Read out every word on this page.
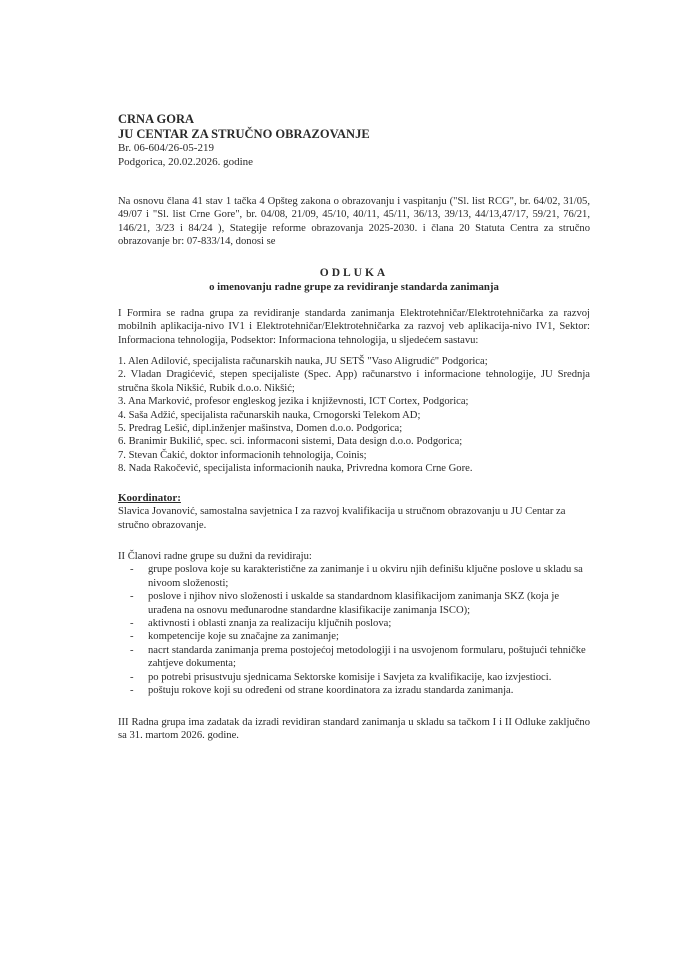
CRNA GORA
JU CENTAR ZA STRUČNO OBRAZOVANJE
Br. 06-604/26-05-219
Podgorica, 20.02.2026. godine
Na osnovu člana 41 stav 1 tačka 4 Opšteg zakona o obrazovanju i vaspitanju ("Sl. list RCG", br. 64/02, 31/05, 49/07 i "Sl. list Crne Gore", br. 04/08, 21/09, 45/10, 40/11, 45/11, 36/13, 39/13, 44/13,47/17, 59/21, 76/21, 146/21, 3/23 i 84/24 ), Stategije reforme obrazovanja 2025-2030. i člana 20 Statuta Centra za stručno obrazovanje br: 07-833/14, donosi se
ODLUKA
o imenovanju radne grupe za revidiranje standarda zanimanja
I Formira se radna grupa za revidiranje standarda zanimanja Elektrotehničar/Elektrotehničarka za razvoj mobilnih aplikacija-nivo IV1 i Elektrotehničar/Elektrotehničarka za razvoj veb aplikacija-nivo IV1, Sektor: Informaciona tehnologija, Podsektor: Informaciona tehnologija, u sljedećem sastavu:
1. Alen Adilović, specijalista računarskih nauka, JU SETŠ "Vaso Aligrudić" Podgorica;
2. Vladan Dragićević, stepen specijaliste (Spec. App) računarstvo i informacione tehnologije, JU Srednja stručna škola Nikšić, Rubik d.o.o. Nikšić;
3. Ana Marković, profesor engleskog jezika i književnosti, ICT Cortex, Podgorica;
4. Saša Adžić, specijalista računarskih nauka, Crnogorski Telekom AD;
5. Predrag Lešić, dipl.inženjer mašinstva, Domen d.o.o. Podgorica;
6. Branimir Bukilić, spec. sci. informaconi sistemi, Data design d.o.o. Podgorica;
7. Stevan Čakić, doktor informacionih tehnologija, Coinis;
8. Nada Rakočević, specijalista informacionih nauka, Privredna komora Crne Gore.
Koordinator:
Slavica Jovanović, samostalna savjetnica I za razvoj kvalifikacija u stručnom obrazovanju u JU Centar za stručno obrazovanje.
II Članovi radne grupe su dužni da revidiraju:
- grupe poslova koje su karakteristične za zanimanje i u okviru njih definišu ključne poslove u skladu sa nivoom složenosti;
- poslove i njihov nivo složenosti i uskalde sa standardnom klasifikacijom zanimanja SKZ (koja je urađena na osnovu međunarodne standardne klasifikacije zanimanja ISCO);
- aktivnosti i oblasti znanja za realizaciju ključnih poslova;
- kompetencije koje su značajne za zanimanje;
- nacrt standarda zanimanja prema postojećoj metodologiji i na usvojenom formularu, poštujući tehničke zahtjeve dokumenta;
- po potrebi prisustvuju sjednicama Sektorske komisije i Savjeta za kvalifikacije, kao izvjestioci.
- poštuju rokove koji su određeni od strane koordinatora za izradu standarda zanimanja.
III Radna grupa ima zadatak da izradi revidiran standard zanimanja u skladu sa tačkom I i II Odluke zaključno sa 31. martom 2026. godine.
